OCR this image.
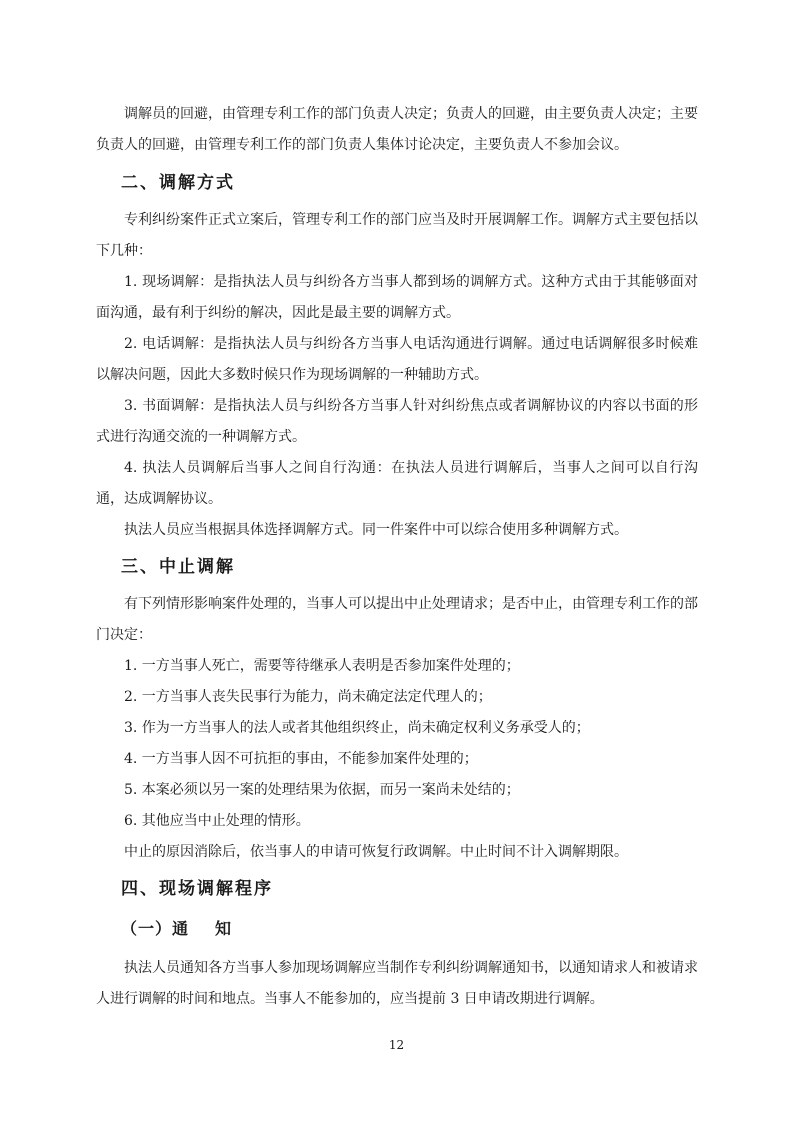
调解员的回避，由管理专利工作的部门负责人决定；负责人的回避，由主要负责人决定；主要负责人的回避，由管理专利工作的部门负责人集体讨论决定，主要负责人不参加会议。

二、调解方式

专利纠纷案件正式立案后，管理专利工作的部门应当及时开展调解工作。调解方式主要包括以下几种：

1. 现场调解：是指执法人员与纠纷各方当事人都到场的调解方式。这种方式由于其能够面对面沟通，最有利于纠纷的解决，因此是最主要的调解方式。

2. 电话调解：是指执法人员与纠纷各方当事人电话沟通进行调解。通过电话调解很多时候难以解决问题，因此大多数时候只作为现场调解的一种辅助方式。

3. 书面调解：是指执法人员与纠纷各方当事人针对纠纷焦点或者调解协议的内容以书面的形式进行沟通交流的一种调解方式。

4. 执法人员调解后当事人之间自行沟通：在执法人员进行调解后，当事人之间可以自行沟通，达成调解协议。

执法人员应当根据具体选择调解方式。同一件案件中可以综合使用多种调解方式。

三、中止调解

有下列情形影响案件处理的，当事人可以提出中止处理请求；是否中止，由管理专利工作的部门决定：

1. 一方当事人死亡，需要等待继承人表明是否参加案件处理的；

2. 一方当事人丧失民事行为能力，尚未确定法定代理人的；

3. 作为一方当事人的法人或者其他组织终止，尚未确定权利义务承受人的；

4. 一方当事人因不可抗拒的事由，不能参加案件处理的；

5. 本案必须以另一案的处理结果为依据，而另一案尚未处结的；

6. 其他应当中止处理的情形。

中止的原因消除后，依当事人的申请可恢复行政调解。中止时间不计入调解期限。

四、现场调解程序
（一）通 知

执法人员通知各方当事人参加现场调解应当制作专利纠纷调解通知书，以通知请求人和被请求人进行调解的时间和地点。当事人不能参加的，应当提前 3 日申请改期进行调解。

12
